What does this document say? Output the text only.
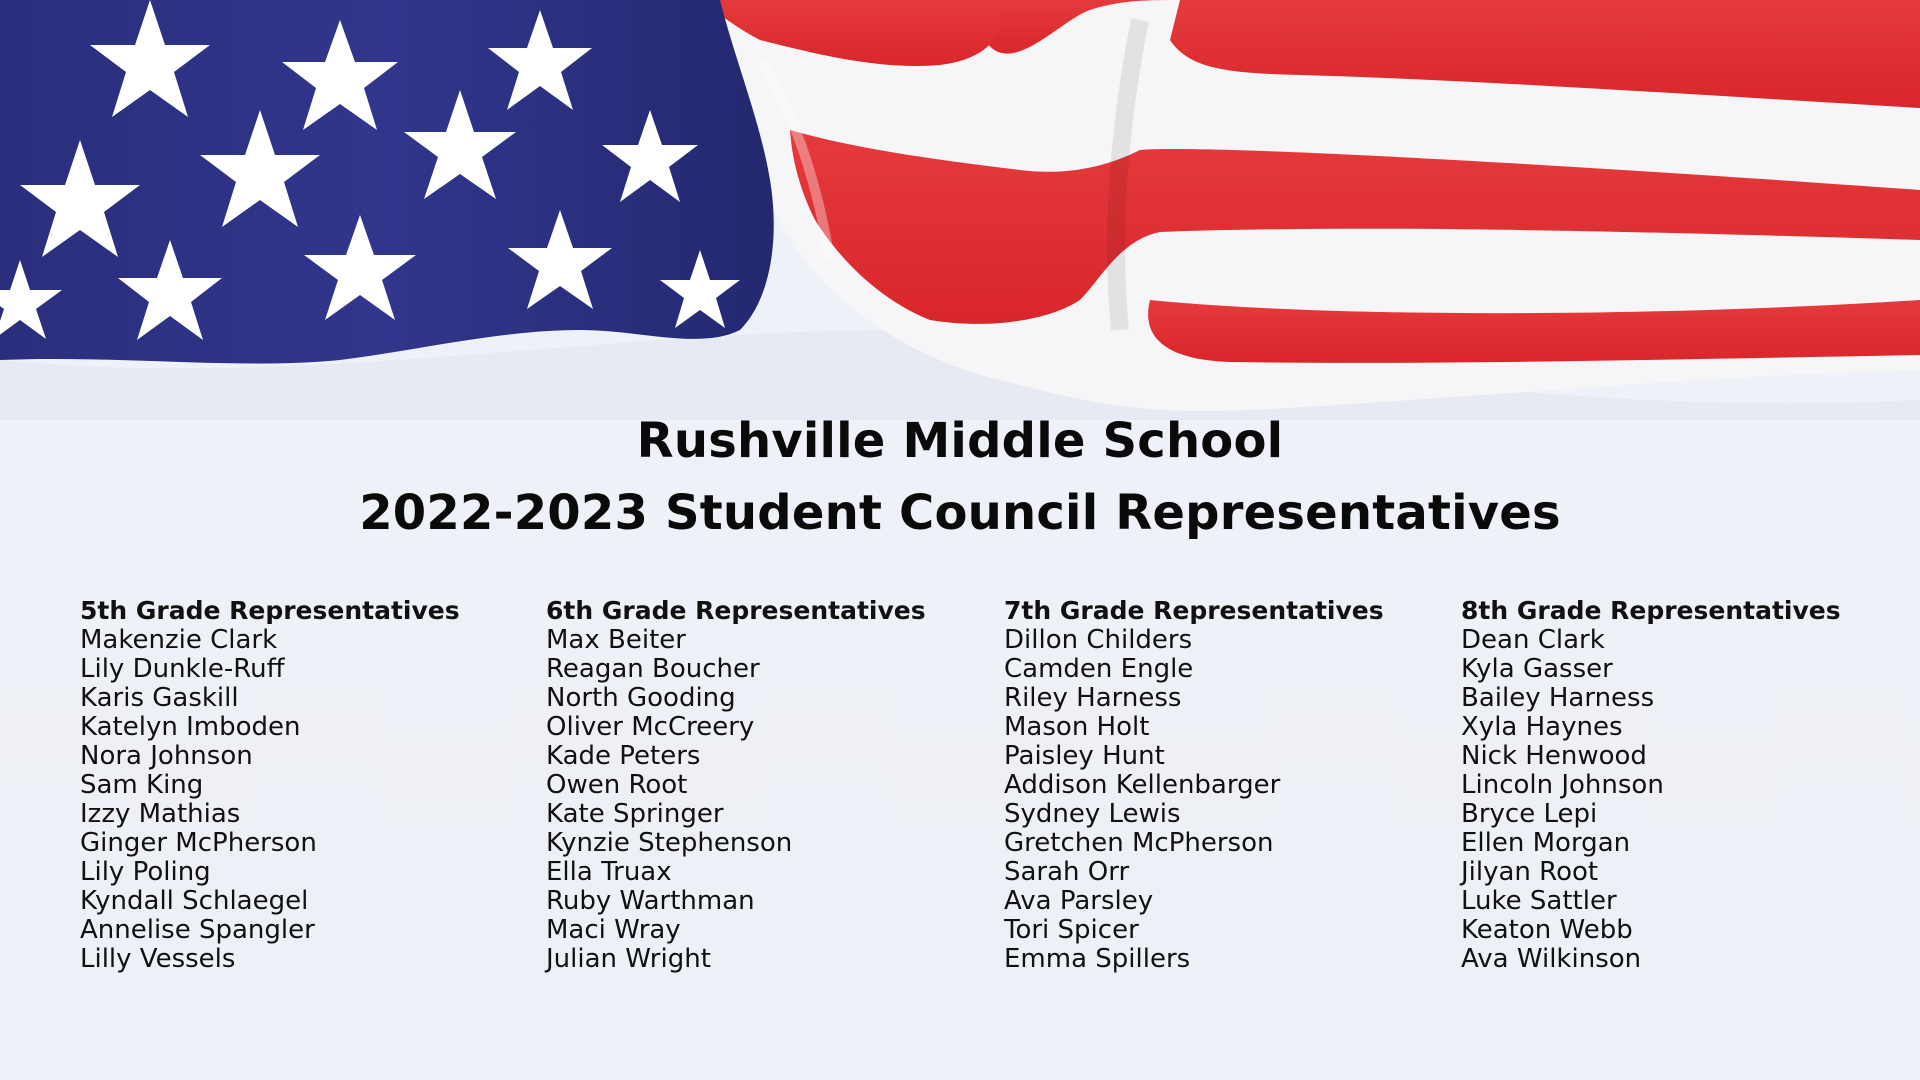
Rushville Middle School
2022-2023 Student Council Representatives
5th Grade Representatives
Makenzie Clark
Lily Dunkle-Ruff
Karis Gaskill
Katelyn Imboden
Nora Johnson
Sam King
Izzy Mathias
Ginger McPherson
Lily Poling
Kyndall Schlaegel
Annelise Spangler
Lilly Vessels
6th Grade Representatives
Max Beiter
Reagan Boucher
North Gooding
Oliver McCreery
Kade Peters
Owen Root
Kate Springer
Kynzie Stephenson
Ella Truax
Ruby Warthman
Maci Wray
Julian Wright
7th Grade Representatives
Dillon Childers
Camden Engle
Riley Harness
Mason Holt
Paisley Hunt
Addison Kellenbarger
Sydney Lewis
Gretchen McPherson
Sarah Orr
Ava Parsley
Tori Spicer
Emma Spillers
8th Grade Representatives
Dean Clark
Kyla Gasser
Bailey Harness
Xyla Haynes
Nick Henwood
Lincoln Johnson
Bryce Lepi
Ellen Morgan
Jilyan Root
Luke Sattler
Keaton Webb
Ava Wilkinson
